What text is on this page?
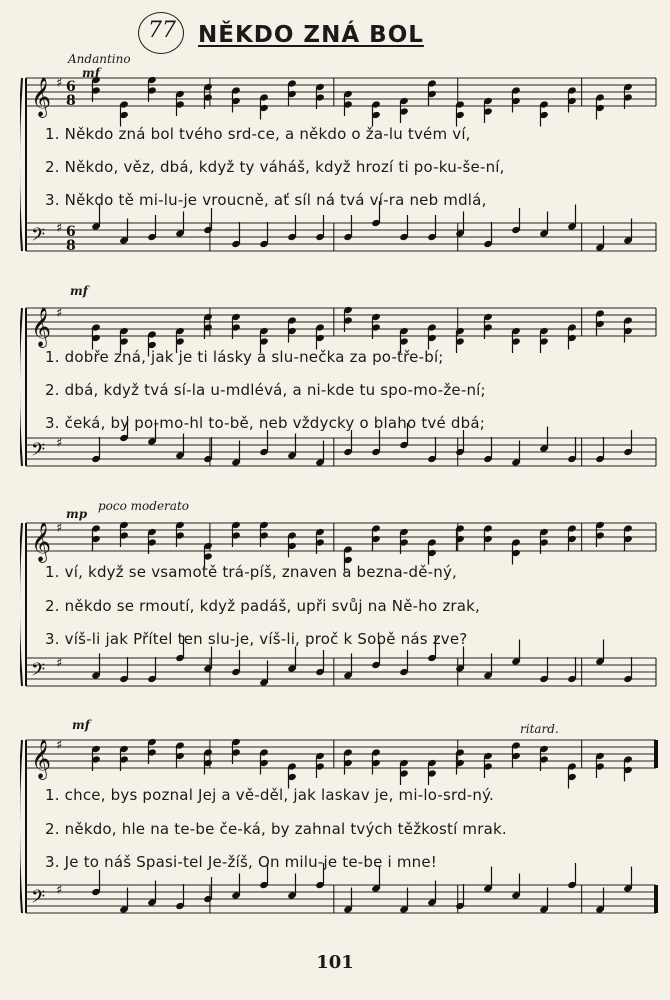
77 NĚKDO ZNÁ BOL
𝄞 ♯ 6
8
𝄢 ♯ 6
8
Andantino
mf
1. Někdo zná bol tvého srd-ce, a někdo o ža-lu tvém ví,
2. Někdo, věz, dbá, když ty váháš, když hrozí ti po-ku-še-ní,
3. Někdo tě mi-lu-je vroucně, ať síl ná tvá ví-ra neb mdlá,
𝄞 ♯
𝄢 ♯
mf
1. dobře zná, jak je ti lásky a slu-nečka za po-tře-bí;
2. dbá, když tvá sí-la u-mdlévá, a ni-kde tu spo-mo-že-ní;
3. čeká, by po-mo-hl to-bě, neb vždycky o blaho tvé dbá;
𝄞 ♯
𝄢 ♯
poco moderato
mp
1. ví, když se vsamotě trá-píš, znaven a bezna-dě-ný,
2. někdo se rmoutí, když padáš, upři svůj na Ně-ho zrak,
3. víš-li jak Přítel ten slu-je, víš-li, proč k Sobě nás zve?
𝄞 ♯
𝄢 ♯
mf	ritard.
1. chce, bys poznal Jej a vě-děl, jak laskav je, mi-lo-srd-ný.
2. někdo, hle na te-be če-ká, by zahnal tvých těžkostí mrak.
3. Je to náš Spasi-tel Je-žíš, On milu-je te-be i mne!
101
